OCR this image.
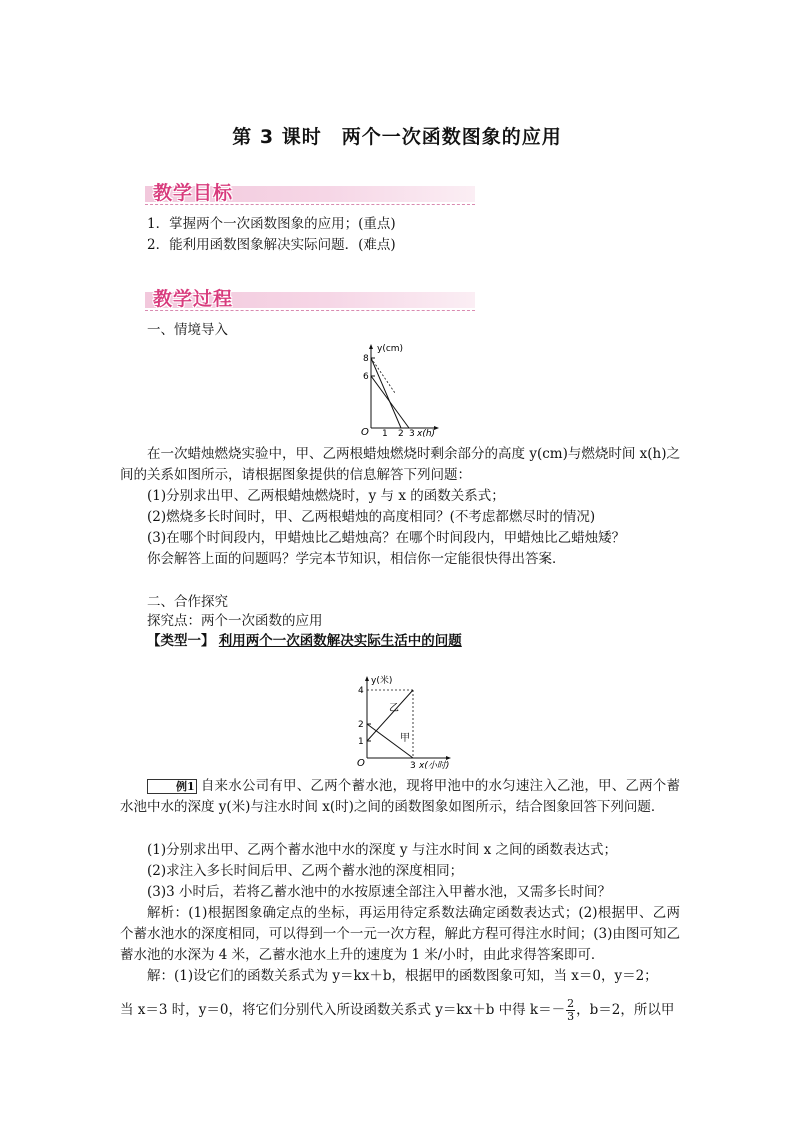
第 3 课时　两个一次函数图象的应用
教学目标
1．掌握两个一次函数图象的应用；(重点)
2．能利用函数图象解决实际问题．(难点)
教学过程
一、情境导入
y(cm)
8
6
O 1 2 3 x(h)
在一次蜡烛燃烧实验中，甲、乙两根蜡烛燃烧时剩余部分的高度 y(cm)与燃烧时间 x(h)之间的关系如图所示，请根据图象提供的信息解答下列问题：
(1)分别求出甲、乙两根蜡烛燃烧时，y 与 x 的函数关系式；
(2)燃烧多长时间时，甲、乙两根蜡烛的高度相同？(不考虑都燃尽时的情况)
(3)在哪个时间段内，甲蜡烛比乙蜡烛高？在哪个时间段内，甲蜡烛比乙蜡烛矮？
你会解答上面的问题吗？学完本节知识，相信你一定能很快得出答案．
二、合作探究
探究点：两个一次函数的应用
【类型一】 利用两个一次函数解决实际生活中的问题
y(米)
4
2
1
O	3 x(小时)
乙
甲
例1 自来水公司有甲、乙两个蓄水池，现将甲池中的水匀速注入乙池，甲、乙两个蓄水池中水的深度 y(米)与注水时间 x(时)之间的函数图象如图所示，结合图象回答下列问题．
(1)分别求出甲、乙两个蓄水池中水的深度 y 与注水时间 x 之间的函数表达式；
(2)求注入多长时间后甲、乙两个蓄水池的深度相同；
(3)3 小时后，若将乙蓄水池中的水按原速全部注入甲蓄水池，又需多长时间？
解析：(1)根据图象确定点的坐标，再运用待定系数法确定函数表达式；(2)根据甲、乙两个蓄水池水的深度相同，可以得到一个一元一次方程，解此方程可得注水时间；(3)由图可知乙蓄水池的水深为 4 米，乙蓄水池水上升的速度为 1 米/小时，由此求得答案即可．
解：(1)设它们的函数关系式为 y＝kx＋b，根据甲的函数图象可知，当 x＝0，y＝2；
当 x＝3 时，y＝0，将它们分别代入所设函数关系式 y＝kx＋b 中得 $k=- \frac{2}{3}$ ，b＝2，所以甲
